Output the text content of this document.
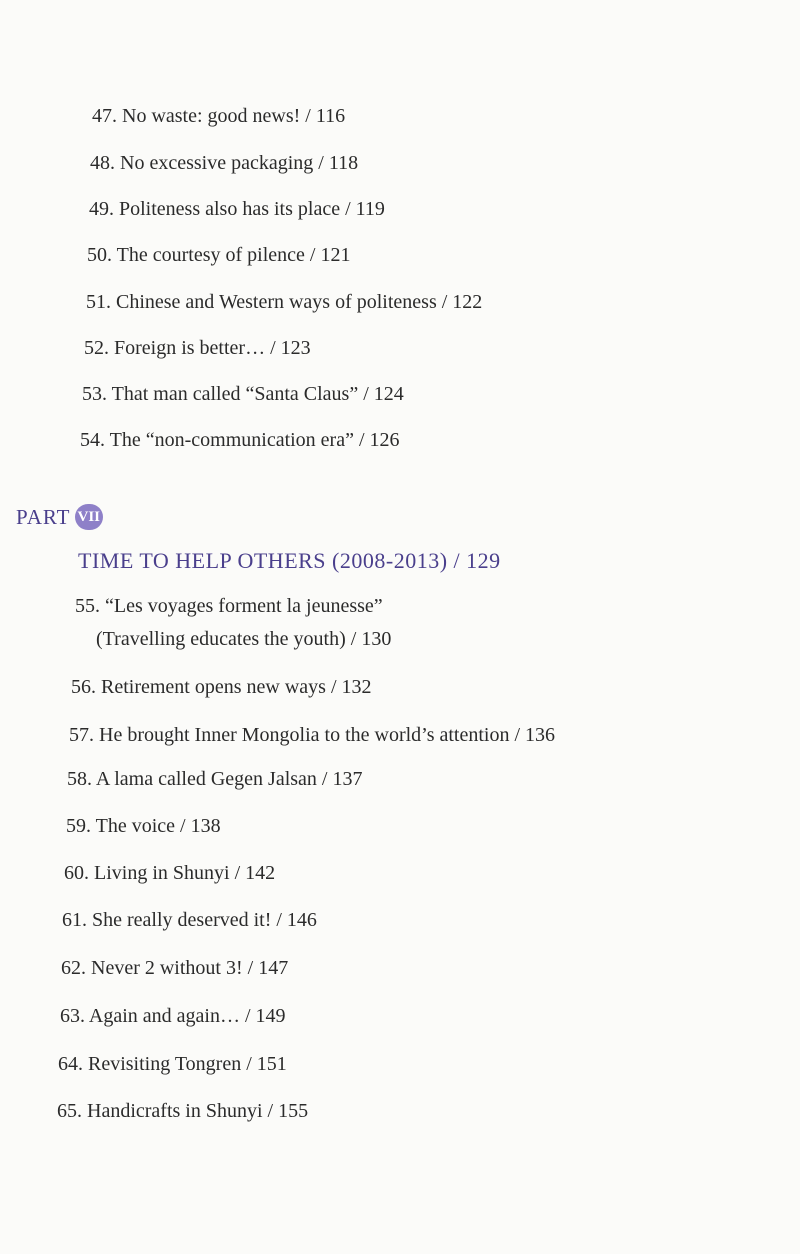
47. No waste: good news! / 116
48. No excessive packaging / 118
49. Politeness also has its place / 119
50. The courtesy of pilence / 121
51. Chinese and Western ways of politeness / 122
52. Foreign is better… / 123
53. That man called “Santa Claus” / 124
54. The “non-communication era” / 126
PART VII
TIME TO HELP OTHERS (2008-2013) / 129
55. “Les voyages forment la jeunesse”
(Travelling educates the youth) / 130
56. Retirement opens new ways / 132
57. He brought Inner Mongolia to the world’s attention / 136
58. A lama called Gegen Jalsan / 137
59. The voice / 138
60. Living in Shunyi / 142
61. She really deserved it! / 146
62. Never 2 without 3! / 147
63. Again and again… / 149
64. Revisiting Tongren / 151
65. Handicrafts in Shunyi / 155
